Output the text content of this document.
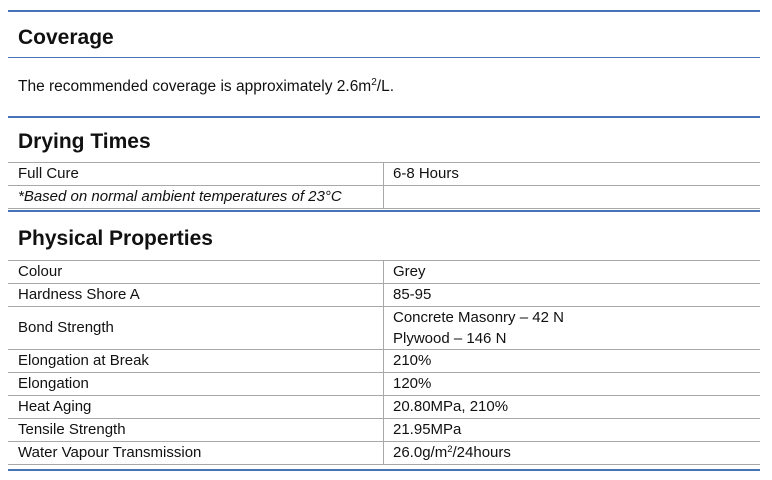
Coverage
The recommended coverage is approximately $2.6m^2/L$.
Drying Times
Full Cure	6-8 Hours
*Based on normal ambient temperatures of 23°C	
Physical Properties
Colour	Grey
Hardness Shore A	85-95
Bond Strength	Concrete Masonry – 42 N
Plywood – 146 N

Elongation at Break	210%
Elongation	120%
Heat Aging	20.80MPa, 210%
Tensile Strength	21.95MPa
Water Vapour Transmission	$26.0g/m^2/24hours$
